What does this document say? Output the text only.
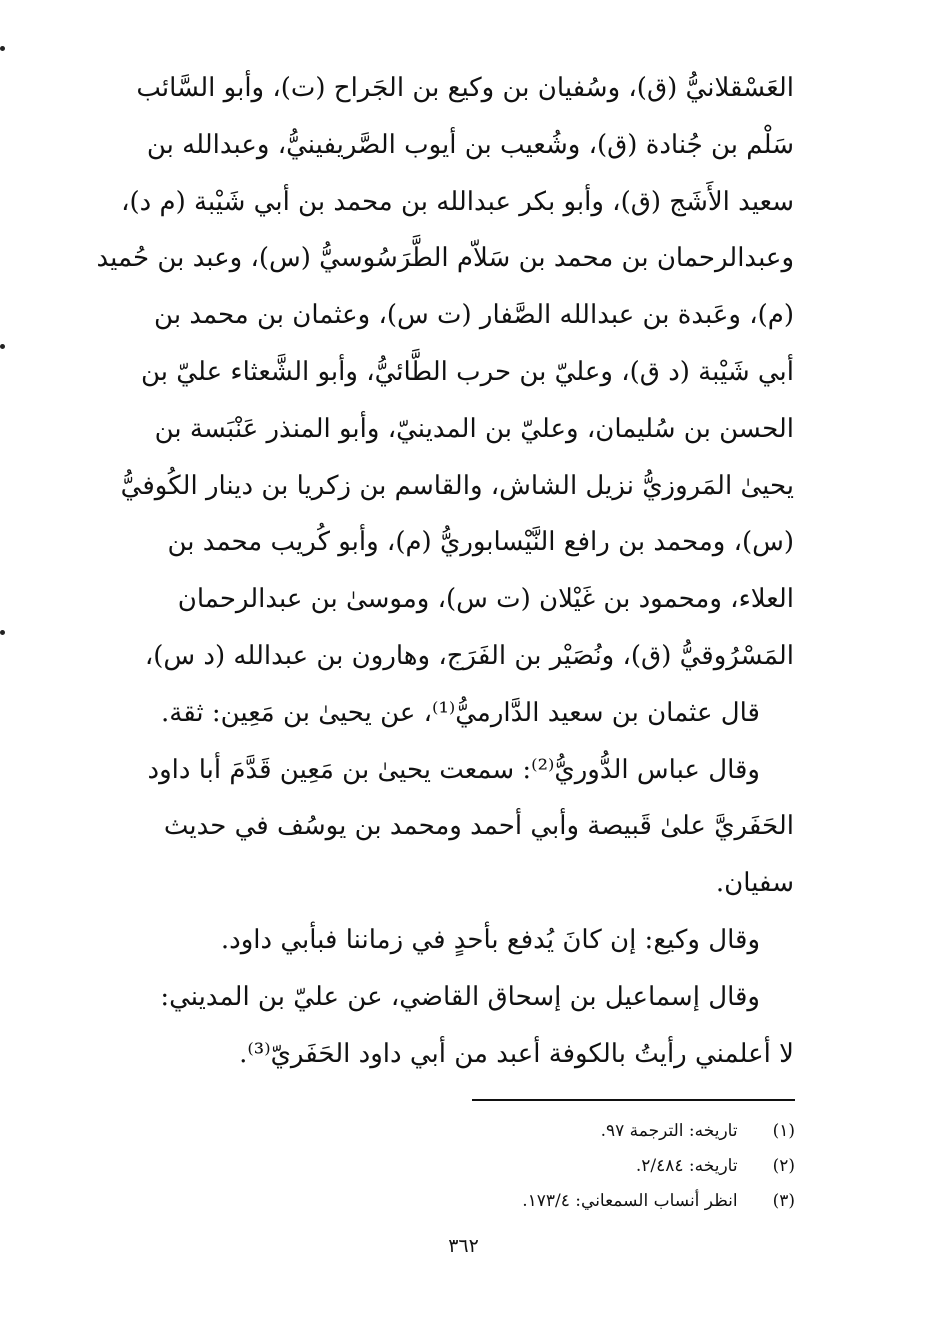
العَسْقلانيُّ (ق)، وسُفيان بن وكيع بن الجَراح (ت)، وأبو السَّائب
سَلْم بن جُنادة (ق)، وشُعيب بن أيوب الصَّريفينيُّ، وعبدالله بن
سعيد الأَشَج (ق)، وأبو بكر عبدالله بن محمد بن أبي شَيْبة (م د)،
وعبدالرحمان بن محمد بن سَلاّم الطَّرَسُوسيُّ (س)، وعبد بن حُميد
(م)، وعَبدة بن عبدالله الصَّفار (ت س)، وعثمان بن محمد بن
أبي شَيْبة (د ق)، وعليّ بن حرب الطَّائيُّ، وأبو الشَّعثاء عليّ بن
الحسن بن سُليمان، وعليّ بن المدينيّ، وأبو المنذر عَنْبَسة بن
يحيىٰ المَروزيُّ نزيل الشاش، والقاسم بن زكريا بن دينار الكُوفيُّ
(س)، ومحمد بن رافع النَّيْسابوريُّ (م)، وأبو كُريب محمد بن
العلاء، ومحمود بن غَيْلان (ت س)، وموسىٰ بن عبدالرحمان
المَسْرُوقيُّ (ق)، ونُصَيْر بن الفَرَج، وهارون بن عبدالله (د س)،
قال عثمان بن سعيد الدَّارميُّ⁽¹⁾، عن يحيىٰ بن مَعِين: ثقة.
وقال عباس الدُّوريُّ⁽²⁾: سمعت يحيىٰ بن مَعِين قَدَّمَ أبا داود
الحَفَريَّ علىٰ قَبيصة وأبي أحمد ومحمد بن يوسُف في حديث
سفيان.
وقال وكيع: إن كانَ يُدفع بأحدٍ في زماننا فبأبي داود.
وقال إسماعيل بن إسحاق القاضي، عن عليّ بن المديني:
لا أعلمني رأيتُ بالكوفة أعبد من أبي داود الحَفَريّ⁽³⁾.
(١) تاريخه: الترجمة ٩٧.
(٢) تاريخه: ٢/٤٨٤.
(٣) انظر أنساب السمعاني: ١٧٣/٤.
٣٦٢
